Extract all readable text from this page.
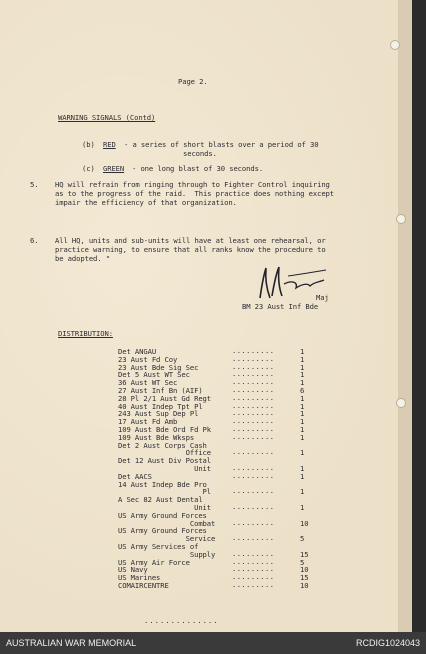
Page 2.
WARNING SIGNALS (Contd)
(b) RED - a series of short blasts over a period of 30
seconds.
(c) GREEN - one long blast of 30 seconds.
5. HQ will refrain from ringing through to Fighter Control inquiring
as to the progress of the raid.  This practice does nothing except
impair the efficiency of that organization.
6. All HQ, units and sub-units will have at least one rehearsal, or
practice warning, to ensure that all ranks know the procedure to
be adopted. "
Maj
BM 23 Aust Inf Bde
DISTRIBUTION:
Det ANGAU	.........	1
23 Aust Fd Coy	.........	1
23 Aust Bde Sig Sec	.........	1
Det 5 Aust WT Sec	.........	1
36 Aust WT Sec	.........	1
27 Aust Inf Bn (AIF)	.........	6
28 Pl 2/1 Aust Gd Regt	.........	1
40 Aust Indep Tpt Pl	.........	1
243 Aust Sup Dep Pl	.........	1
17 Aust Fd Amb	.........	1
109 Aust Bde Ord Fd Pk	.........	1
109 Aust Bde Wksps	.........	1
Det 2 Aust Corps Cash
Office	.........	1
Det 12 Aust Div Postal
Unit	.........	1
Det AACS	.........	1
14 Aust Indep Bde Pro
Pl	.........	1
A Sec 82 Aust Dental
Unit	.........	1
US Army Ground Forces
Combat .........	10
US Army Ground Forces
Service .........	5
US Army Services of
Supply .........	15
US Army Air Force	.........	5
US Navy	.........	10
US Marines	.........	15
COMAIRCENTRE	.........	10
..............
AUSTRALIAN WAR MEMORIAL	RCDIG1024043
